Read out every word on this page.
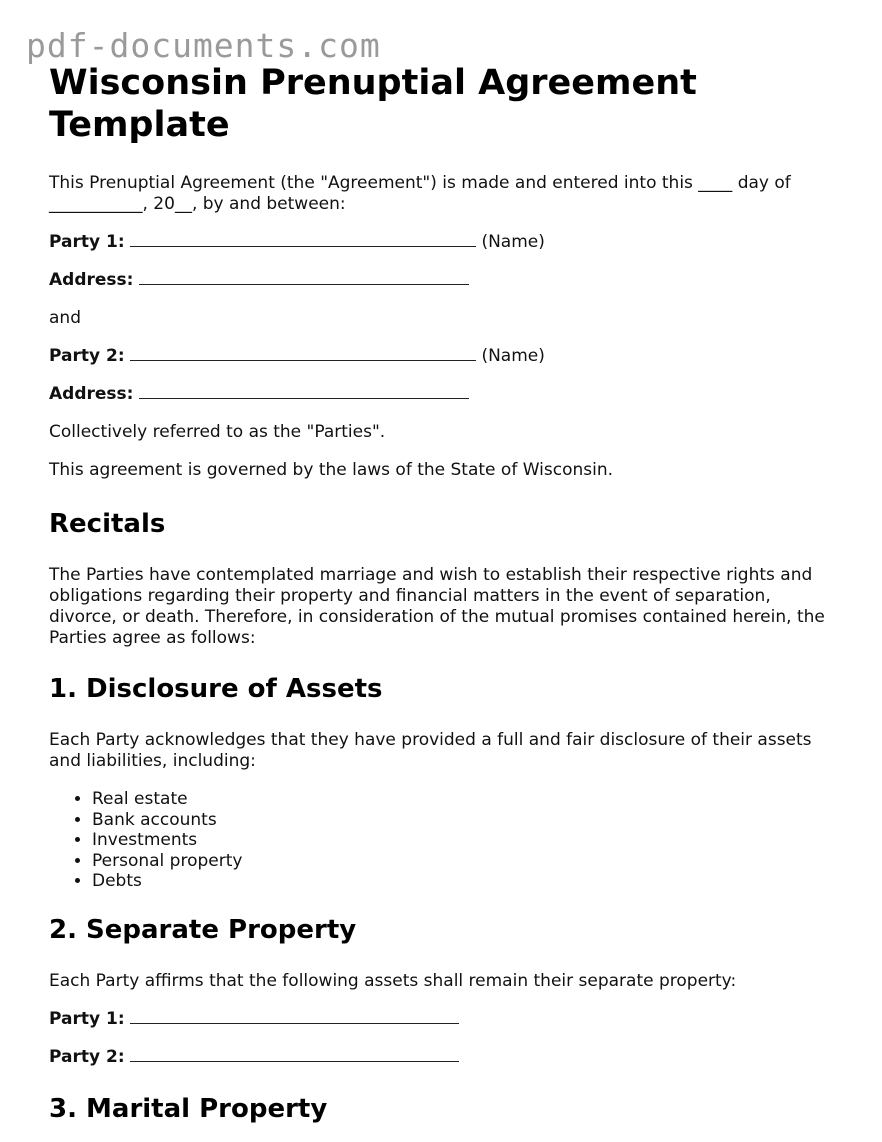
pdf-documents.com
Wisconsin Prenuptial Agreement Template

This Prenuptial Agreement (the "Agreement") is made and entered into this ____ day of ___________, 20__, by and between:

Party 1:	(Name)

Address:

and

Party 2:	(Name)

Address:

Collectively referred to as the "Parties".

This agreement is governed by the laws of the State of Wisconsin.

Recitals

The Parties have contemplated marriage and wish to establish their respective rights and obligations regarding their property and financial matters in the event of separation, divorce, or death. Therefore, in consideration of the mutual promises contained herein, the Parties agree as follows:

1. Disclosure of Assets

Each Party acknowledges that they have provided a full and fair disclosure of their assets and liabilities, including:

• Real estate
• Bank accounts
• Investments
• Personal property
• Debts
2. Separate Property

Each Party affirms that the following assets shall remain their separate property:

Party 1:

Party 2:

3. Marital Property
